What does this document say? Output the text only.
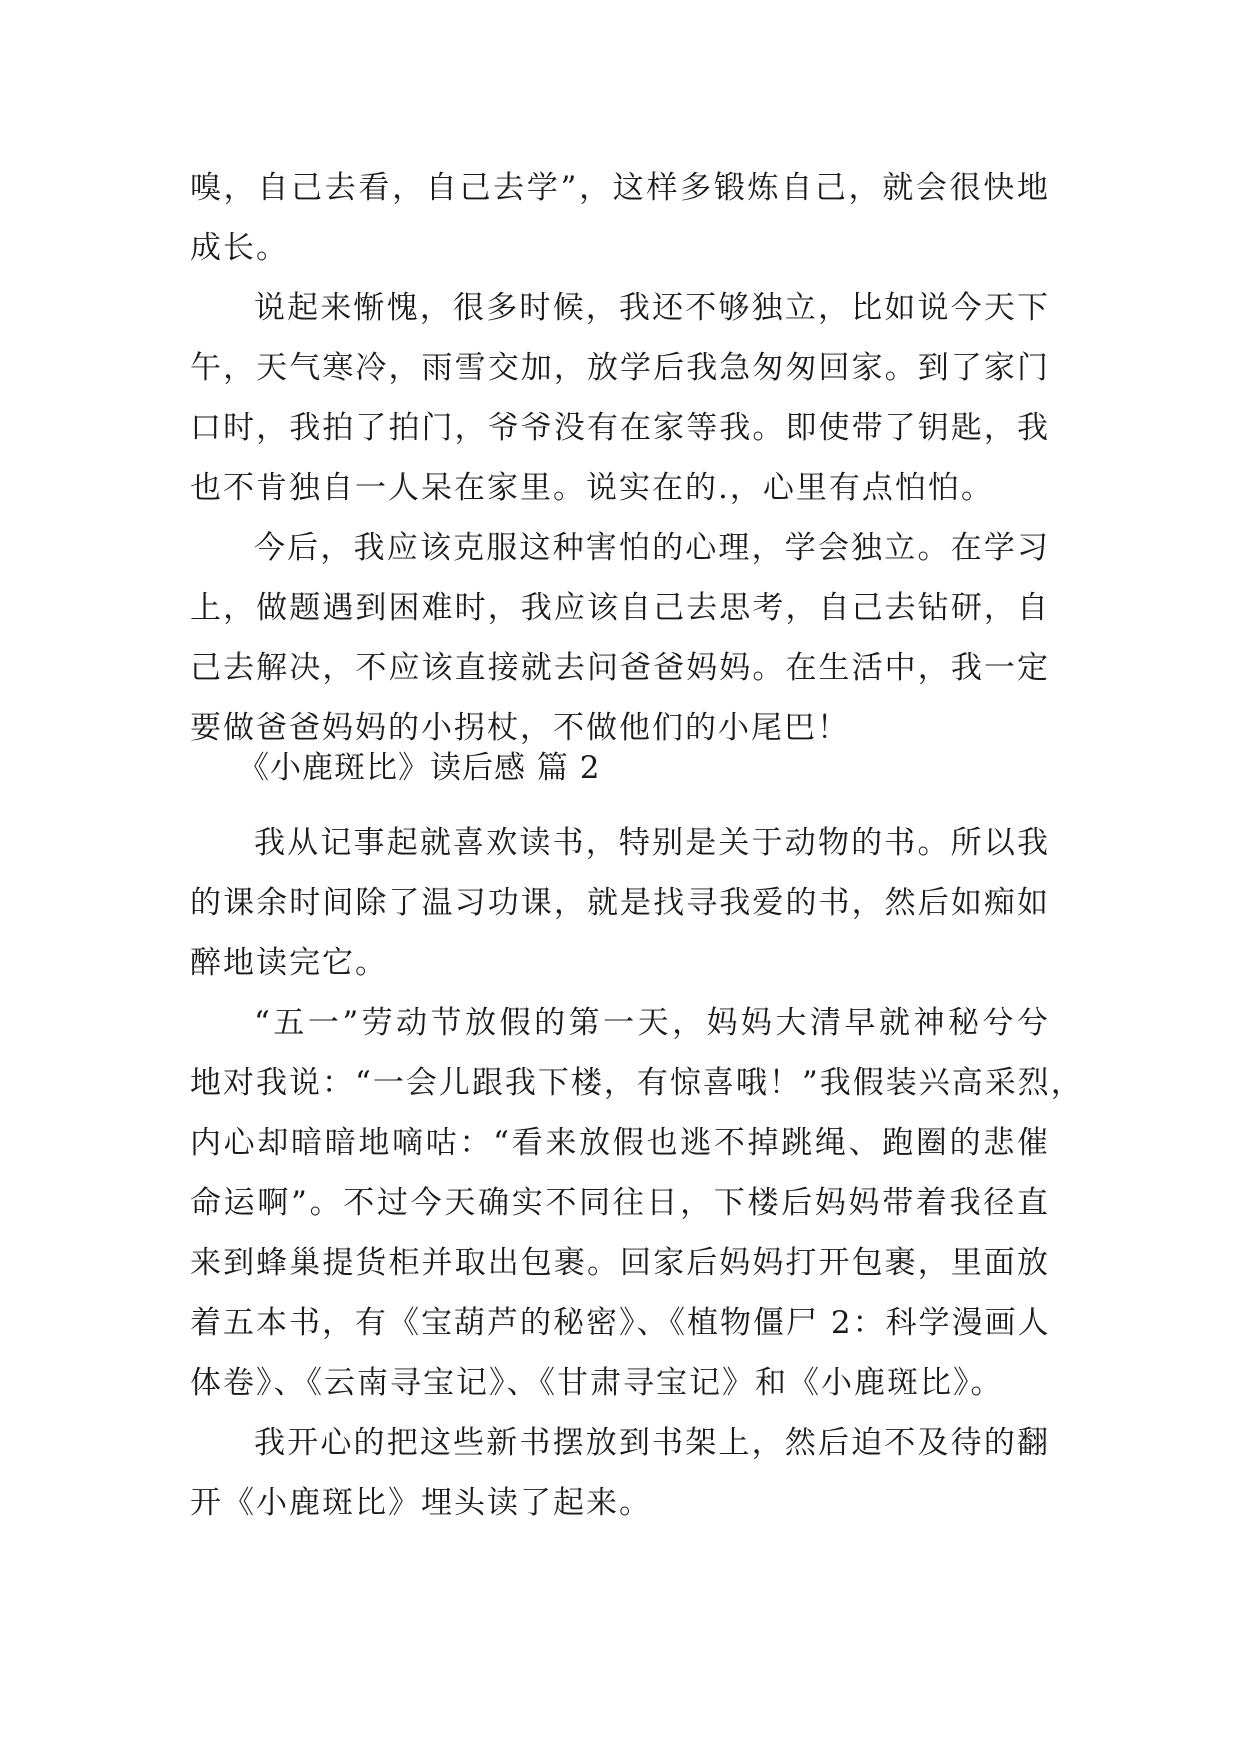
嗅，自己去看，自己去学”，这样多锻炼自己，就会很快地
成长。
说起来惭愧，很多时候，我还不够独立，比如说今天下
午，天气寒冷，雨雪交加，放学后我急匆匆回家。到了家门
口时，我拍了拍门，爷爷没有在家等我。即使带了钥匙，我
也不肯独自一人呆在家里。说实在的.，心里有点怕怕。
今后，我应该克服这种害怕的心理，学会独立。在学习
上，做题遇到困难时，我应该自己去思考，自己去钻研，自
己去解决，不应该直接就去问爸爸妈妈。在生活中，我一定
要做爸爸妈妈的小拐杖，不做他们的小尾巴！
《小鹿斑比》读后感 篇 2
我从记事起就喜欢读书，特别是关于动物的书。所以我
的课余时间除了温习功课，就是找寻我爱的书，然后如痴如
醉地读完它。
“五一”劳动节放假的第一天，妈妈大清早就神秘兮兮
地对我说：“一会儿跟我下楼，有惊喜哦！”我假装兴高采烈，
内心却暗暗地嘀咕：“看来放假也逃不掉跳绳、跑圈的悲催
命运啊”。不过今天确实不同往日，下楼后妈妈带着我径直
来到蜂巢提货柜并取出包裹。回家后妈妈打开包裹，里面放
着五本书，有《宝葫芦的秘密》、《植物僵尸 2：科学漫画人
体卷》、《云南寻宝记》、《甘肃寻宝记》和《小鹿斑比》。
我开心的把这些新书摆放到书架上，然后迫不及待的翻
开《小鹿斑比》埋头读了起来。
